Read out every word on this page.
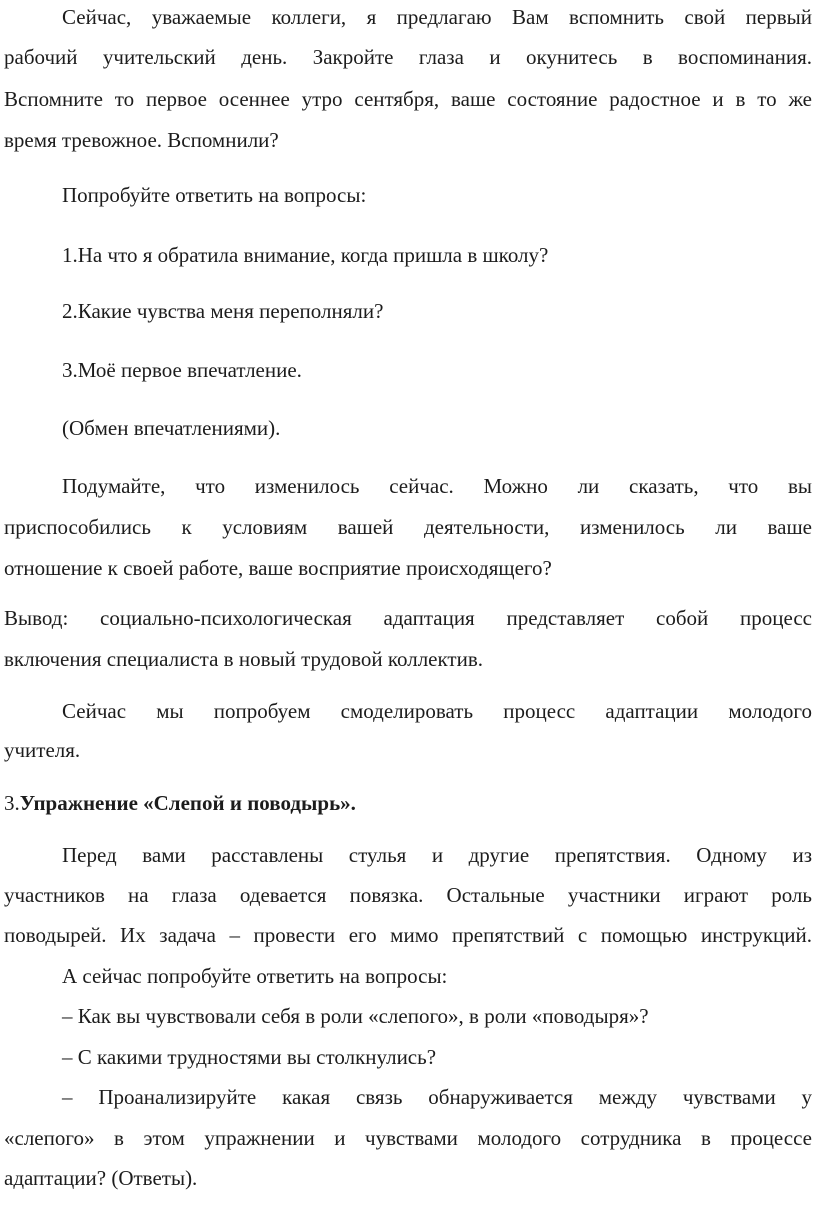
Сейчас, уважаемые коллеги, я предлагаю Вам вспомнить свой первый
рабочий учительский день. Закройте глаза и окунитесь в воспоминания.
Вспомните то первое осеннее утро сентября, ваше состояние радостное и в то же
время тревожное. Вспомнили?
Попробуйте ответить на вопросы:
1.На что я обратила внимание, когда пришла в школу?
2.Какие чувства меня переполняли?
3.Моё первое впечатление.
(Обмен впечатлениями).
Подумайте, что изменилось сейчас. Можно ли сказать, что вы
приспособились к условиям вашей деятельности, изменилось ли ваше
отношение к своей работе, ваше восприятие происходящего?
Вывод: социально-психологическая адаптация представляет собой процесс
включения специалиста в новый трудовой коллектив.
Сейчас мы попробуем смоделировать процесс адаптации молодого
учителя.
3.Упражнение «Слепой и поводырь».
Перед вами расставлены стулья и другие препятствия. Одному из
участников на глаза одевается повязка. Остальные участники играют роль
поводырей. Их задача – провести его мимо препятствий с помощью инструкций.
А сейчас попробуйте ответить на вопросы:
– Как вы чувствовали себя в роли «слепого», в роли «поводыря»?
– С какими трудностями вы столкнулись?
– Проанализируйте какая связь обнаруживается между чувствами у
«слепого» в этом упражнении и чувствами молодого сотрудника в процессе
адаптации? (Ответы).
